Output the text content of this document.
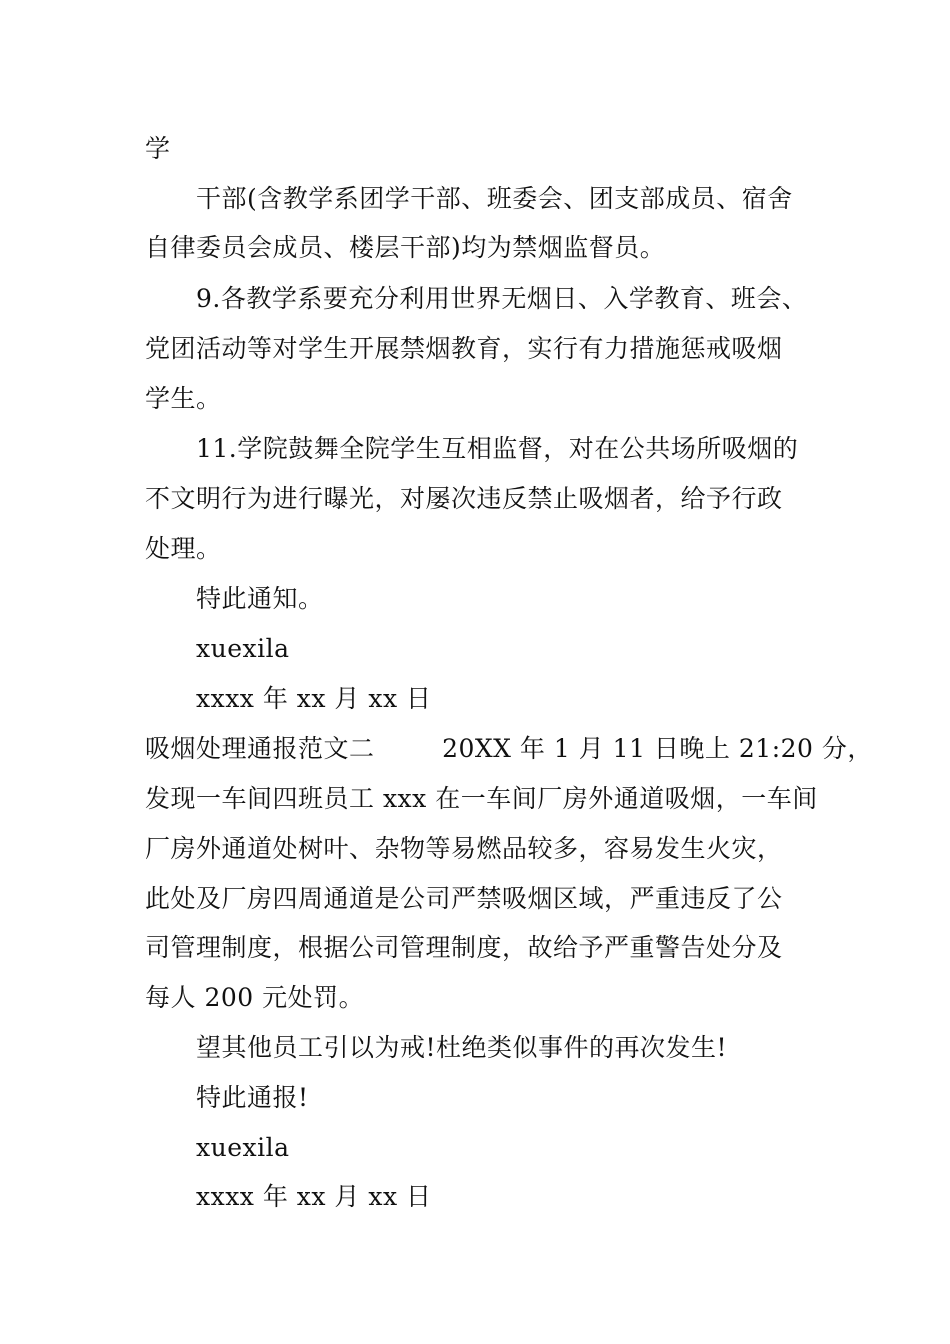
学
干部(含教学系团学干部、班委会、团支部成员、宿舍
自律委员会成员、楼层干部)均为禁烟监督员。
9.各教学系要充分利用世界无烟日、入学教育、班会、
党团活动等对学生开展禁烟教育，实行有力措施惩戒吸烟
学生。
11.学院鼓舞全院学生互相监督，对在公共场所吸烟的
不文明行为进行曝光，对屡次违反禁止吸烟者，给予行政
处理。
特此通知。
xuexila
xxxx 年 xx 月 xx 日
吸烟处理通报范文二        20XX 年 1 月 11 日晚上 21:20 分，
发现一车间四班员工 xxx 在一车间厂房外通道吸烟，一车间
厂房外通道处树叶、杂物等易燃品较多，容易发生火灾，
此处及厂房四周通道是公司严禁吸烟区域，严重违反了公
司管理制度，根据公司管理制度，故给予严重警告处分及
每人 200 元处罚。
望其他员工引以为戒!杜绝类似事件的再次发生!
特此通报!
xuexila
xxxx 年 xx 月 xx 日
